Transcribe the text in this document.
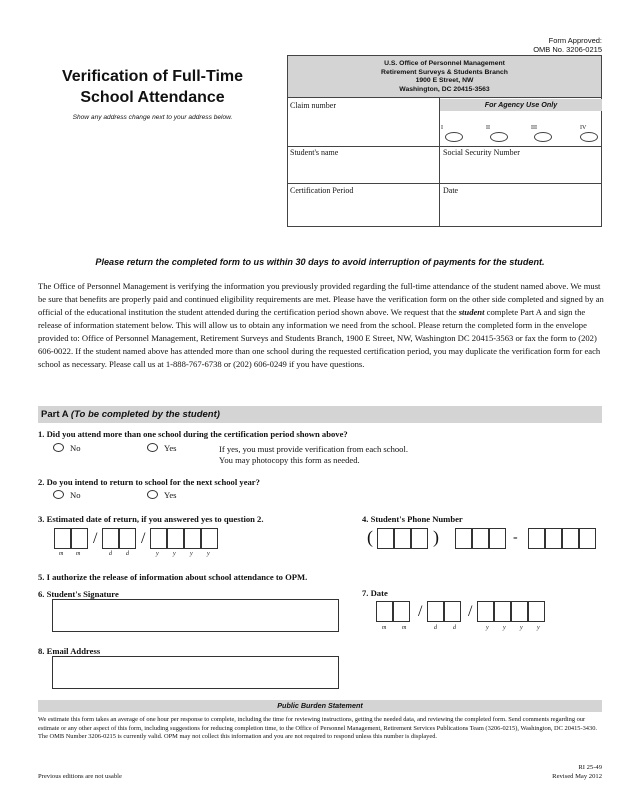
Form Approved:
OMB No. 3206-0215
Verification of Full-Time
School Attendance
Show any address change next to your address below.
U.S. Office of Personnel Management
Retirement Surveys & Students Branch
1900 E Street, NW
Washington, DC 20415-3563
Claim number	For Agency Use Only
I	II	III	IV
Student's name	Social Security Number
Certification Period	Date
Please return the completed form to us within 30 days to avoid interruption of payments for the student.
The Office of Personnel Management is verifying the information you previously provided regarding the full-time attendance of the student named above. We must be sure that benefits are properly paid and continued eligibility requirements are met. Please have the verification form on the other side completed and signed by an official of the educational institution the student attended during the certification period shown above. We request that the student complete Part A and sign the release of information statement below. This will allow us to obtain any information we need from the school. Please return the completed form in the envelope provided to: Office of Personnel Management, Retirement Surveys and Students Branch, 1900 E Street, NW, Washington DC 20415-3563 or fax the form to (202) 606-0022. If the student named above has attended more than one school during the requested certification period, you may duplicate the verification form for each school as necessary. Please call us at 1-888-767-6738 or (202) 606-0249 if you have questions.
Part A (To be completed by the student)
1. Did you attend more than one school during the certification period shown above?
No	Yes	If yes, you must provide verification from each school.
You may photocopy this form as needed.
2. Do you intend to return to school for the next school year?
No	Yes
3. Estimated date of return, if you answered yes to question 2.
/	/
m m	d d	y y y y
4. Student's Phone Number
(	)	-
5. I authorize the release of information about school attendance to OPM.
6. Student's Signature	7. Date
/	/
m	m	d	d	y y y y
8. Email Address
Public Burden Statement
We estimate this form takes an average of one hour per response to complete, including the time for reviewing instructions, getting the needed data, and reviewing the completed form. Send comments regarding our estimate or any other aspect of this form, including suggestions for reducing completion time, to the Office of Personnel Management, Retirement Services Publications Team (3206-0215), Washington, DC 20415-3430. The OMB Number 3206-0215 is currently valid. OPM may not collect this information and you are not required to respond unless this number is displayed.
Previous editions are not usable
RI 25-49
Revised May 2012
